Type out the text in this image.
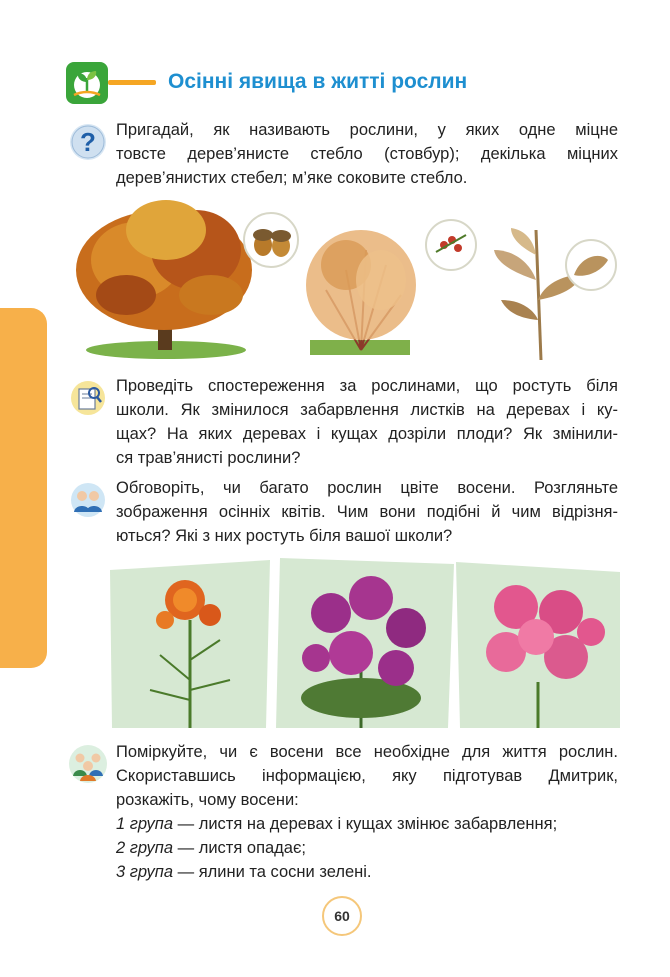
Осінні явища в житті рослин
? Пригадай, як називають рослини, у яких одне міцне
товсте дерев’янисте стебло (стовбур); декілька міцних
дерев’янистих стебел; м’яке соковите стебло.
Проведіть спостереження за рослинами, що ростуть біля
школи. Як змінилося забарвлення листків на деревах і ку-
щах? На яких деревах і кущах дозріли плоди? Як змінили-
ся трав’янисті рослини?
Обговоріть, чи багато рослин цвіте восени. Розгляньте
зображення осінніх квітів. Чим вони подібні й чим відрізня-
ються? Які з них ростуть біля вашої школи?
Поміркуйте, чи є восени все необхідне для життя рослин.
Скориставшись інформацією, яку підготував Дмитрик,
розкажіть, чому восени:
1 група — листя на деревах і кущах змінює забарвлення;
2 група — листя опадає;
3 група — ялини та сосни зелені.
60
